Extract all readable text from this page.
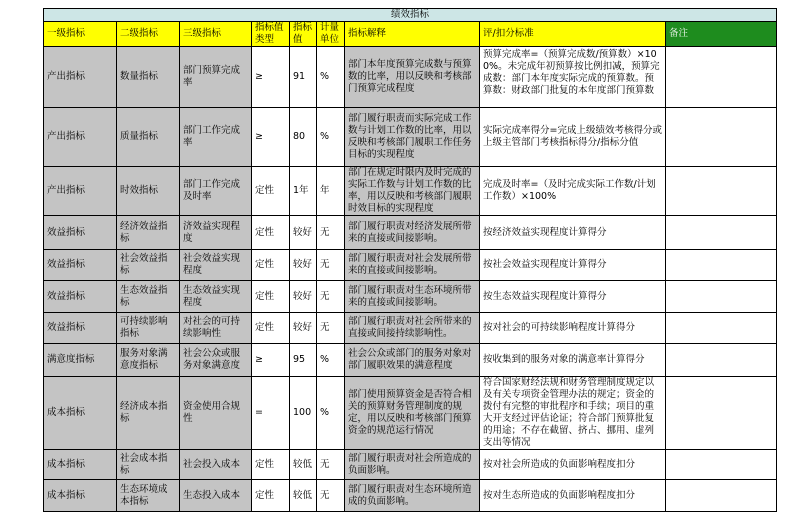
绩效指标								
一级指标	二级指标	三级指标	指标值类型	指标值	计量单位	指标解释	评/扣分标准	备注
产出指标	数量指标	部门预算完成率	≥	91	%	部门本年度预算完成数与预算数的比率，用以反映和考核部门预算完成程度	预算完成率=（预算完成数/预算数）×100%。未完成年初预算按比例扣减，预算完成数：部门本年度实际完成的预算数。预算数：财政部门批复的本年度部门预算数	
产出指标	质量指标	部门工作完成率	≥	80	%	部门履行职责而实际完成工作数与计划工作数的比率，用以反映和考核部门履职工作任务目标的实现程度	实际完成率得分=完成上级绩效考核得分或上级主管部门考核指标得分/指标分值	
产出指标	时效指标	部门工作完成及时率	定性	1年	年	部门在规定时限内及时完成的实际工作数与计划工作数的比率，用以反映和考核部门履职时效目标的实现程度	完成及时率=（及时完成实际工作数/计划工作数）×100%	
效益指标	经济效益指标	济效益实现程度	定性	较好	无	部门履行职责对经济发展所带来的直接或间接影响。	按经济效益实现程度计算得分	
效益指标	社会效益指标	社会效益实现程度	定性	较好	无	部门履行职责对社会发展所带来的直接或间接影响。	按社会效益实现程度计算得分	
效益指标	生态效益指标	生态效益实现程度	定性	较好	无	部门履行职责对生态环境所带来的直接或间接影响。	按生态效益实现程度计算得分	
效益指标	可持续影响指标	对社会的可持续影响性	定性	较好	无	部门履行职责对社会所带来的直接或间接持续影响性。	按对社会的可持续影响程度计算得分	
满意度指标	服务对象满意度指标	社会公众或服务对象满意度	≥	95	%	社会公众或部门的服务对象对部门履职效果的满意程度	按收集到的服务对象的满意率计算得分	
成本指标	经济成本指标	资金使用合规性	=	100	%	部门使用预算资金是否符合相关的预算财务管理制度的规定，用以反映和考核部门预算资金的规范运行情况	符合国家财经法规和财务管理制度规定以及有关专项资金管理办法的规定；资金的拨付有完整的审批程序和手续；项目的重大开支经过评估论证；符合部门预算批复的用途；不存在截留、挤占、挪用、虚列支出等情况	
成本指标	社会成本指标	社会投入成本	定性	较低	无	部门履行职责对社会所造成的负面影响。	按对社会所造成的负面影响程度扣分	
成本指标	生态环境成本指标	生态投入成本	定性	较低	无	部门履行职责对生态环境所造成的负面影响。	按对生态所造成的负面影响程度扣分	
